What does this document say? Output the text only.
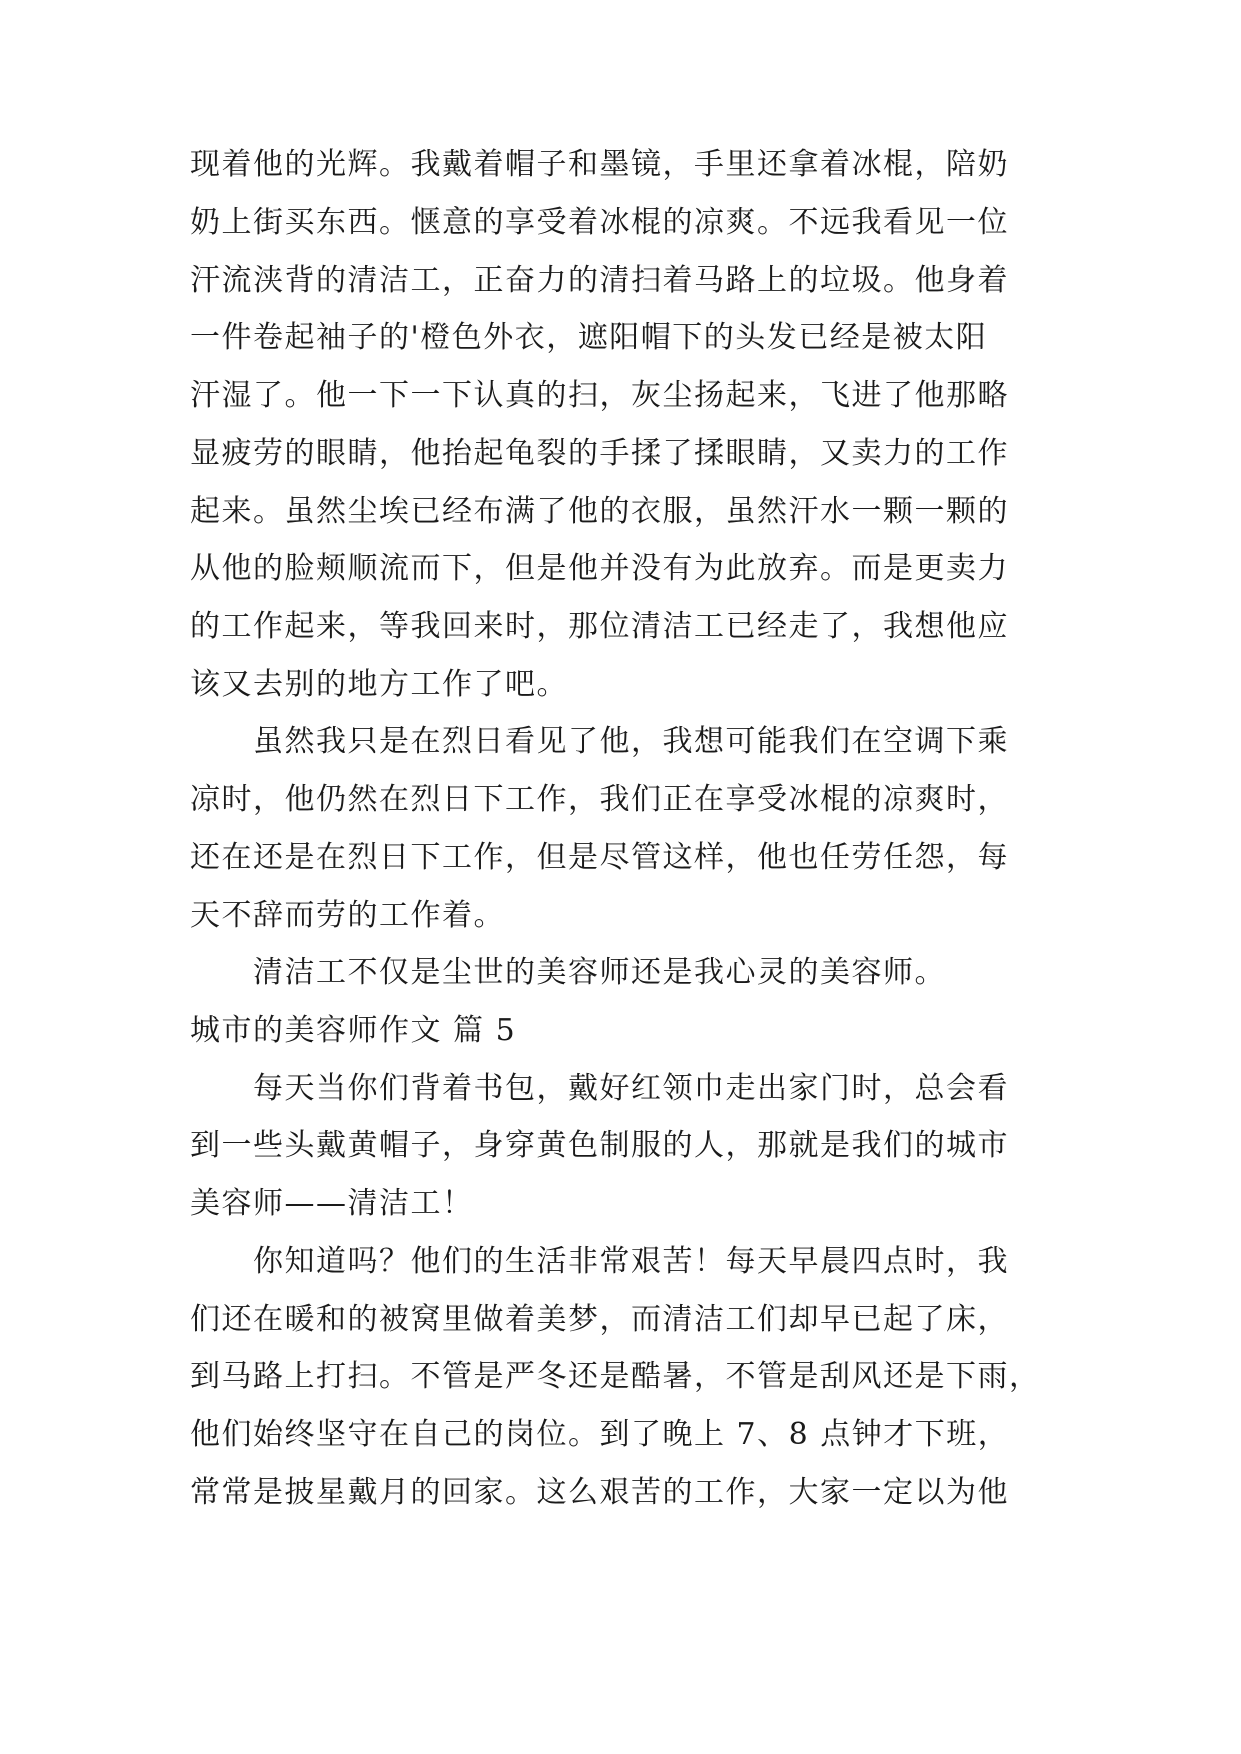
现着他的光辉。我戴着帽子和墨镜，手里还拿着冰棍，陪奶
奶上街买东西。惬意的享受着冰棍的凉爽。不远我看见一位
汗流浃背的清洁工，正奋力的清扫着马路上的垃圾。他身着
一件卷起袖子的'橙色外衣，遮阳帽下的头发已经是被太阳
汗湿了。他一下一下认真的扫，灰尘扬起来，飞进了他那略
显疲劳的眼睛，他抬起龟裂的手揉了揉眼睛，又卖力的工作
起来。虽然尘埃已经布满了他的衣服，虽然汗水一颗一颗的
从他的脸颊顺流而下，但是他并没有为此放弃。而是更卖力
的工作起来，等我回来时，那位清洁工已经走了，我想他应
该又去别的地方工作了吧。
虽然我只是在烈日看见了他，我想可能我们在空调下乘
凉时，他仍然在烈日下工作，我们正在享受冰棍的凉爽时，
还在还是在烈日下工作，但是尽管这样，他也任劳任怨，每
天不辞而劳的工作着。
清洁工不仅是尘世的美容师还是我心灵的美容师。
城市的美容师作文 篇 5
每天当你们背着书包，戴好红领巾走出家门时，总会看
到一些头戴黄帽子，身穿黄色制服的人，那就是我们的城市
美容师——清洁工！
你知道吗？他们的生活非常艰苦！每天早晨四点时，我
们还在暖和的被窝里做着美梦，而清洁工们却早已起了床，
到马路上打扫。不管是严冬还是酷暑，不管是刮风还是下雨，
他们始终坚守在自己的岗位。到了晚上 7、8 点钟才下班，
常常是披星戴月的回家。这么艰苦的工作，大家一定以为他
